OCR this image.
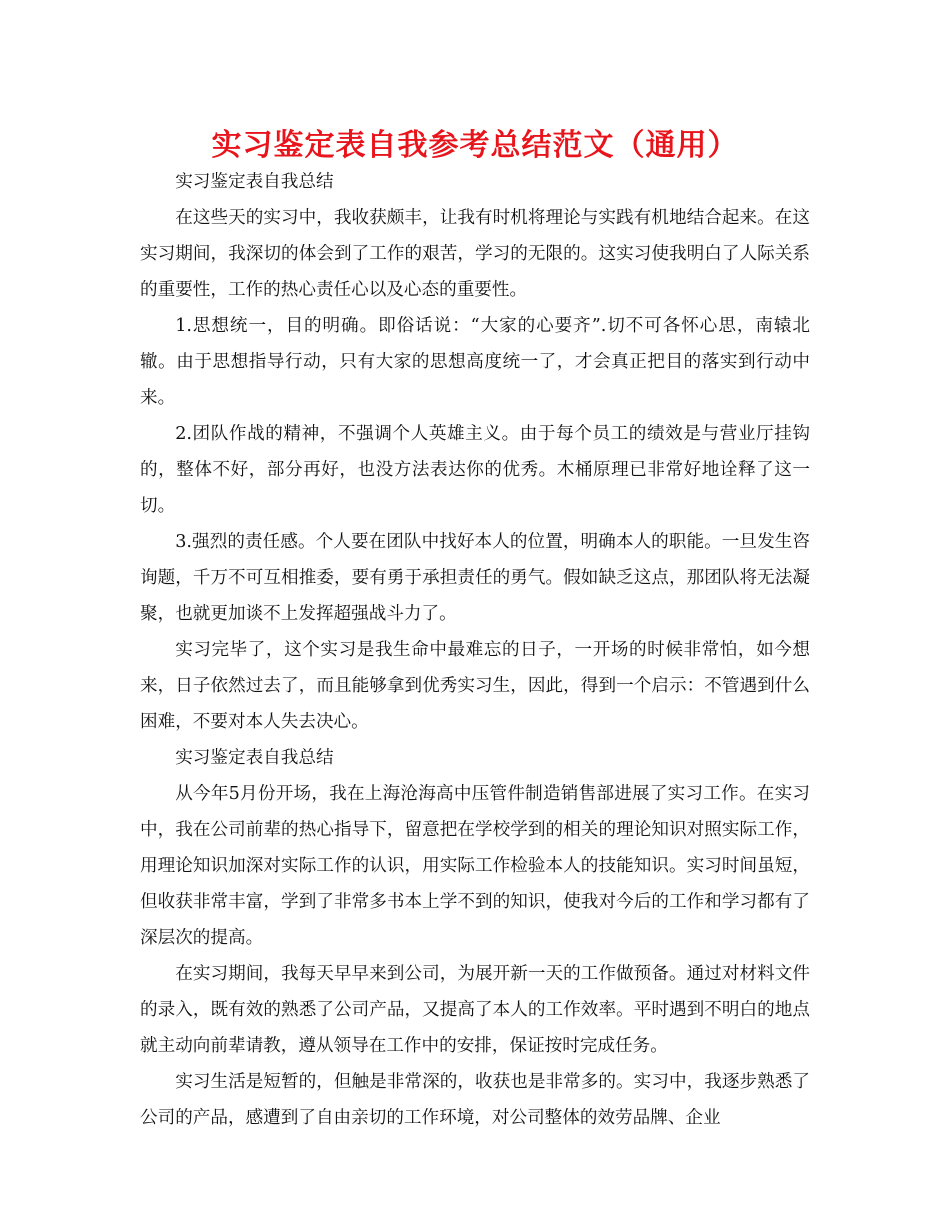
实习鉴定表自我参考总结范文（通用）

实习鉴定表自我总结

在这些天的实习中，我收获颇丰，让我有时机将理论与实践有机地结合起来。在这实习期间，我深切的体会到了工作的艰苦，学习的无限的。这实习使我明白了人际关系的重要性，工作的热心责任心以及心态的重要性。

1.思想统一，目的明确。即俗话说：“大家的心要齐”.切不可各怀心思，南辕北辙。由于思想指导行动，只有大家的思想高度统一了，才会真正把目的落实到行动中来。

2.团队作战的精神，不强调个人英雄主义。由于每个员工的绩效是与营业厅挂钩的，整体不好，部分再好，也没方法表达你的优秀。木桶原理已非常好地诠释了这一切。

3.强烈的责任感。个人要在团队中找好本人的位置，明确本人的职能。一旦发生咨询题，千万不可互相推委，要有勇于承担责任的勇气。假如缺乏这点，那团队将无法凝聚，也就更加谈不上发挥超强战斗力了。

实习完毕了，这个实习是我生命中最难忘的日子，一开场的时候非常怕，如今想来，日子依然过去了，而且能够拿到优秀实习生，因此，得到一个启示：不管遇到什么困难，不要对本人失去决心。

实习鉴定表自我总结

从今年5月份开场，我在上海沧海高中压管件制造销售部进展了实习工作。在实习中，我在公司前辈的热心指导下，留意把在学校学到的相关的理论知识对照实际工作，用理论知识加深对实际工作的认识，用实际工作检验本人的技能知识。实习时间虽短，但收获非常丰富，学到了非常多书本上学不到的知识，使我对今后的工作和学习都有了深层次的提高。

在实习期间，我每天早早来到公司，为展开新一天的工作做预备。通过对材料文件的录入，既有效的熟悉了公司产品，又提高了本人的工作效率。平时遇到不明白的地点就主动向前辈请教，遵从领导在工作中的安排，保证按时完成任务。

实习生活是短暂的，但触是非常深的，收获也是非常多的。实习中，我逐步熟悉了公司的产品，感遭到了自由亲切的工作环境，对公司整体的效劳品牌、企业
